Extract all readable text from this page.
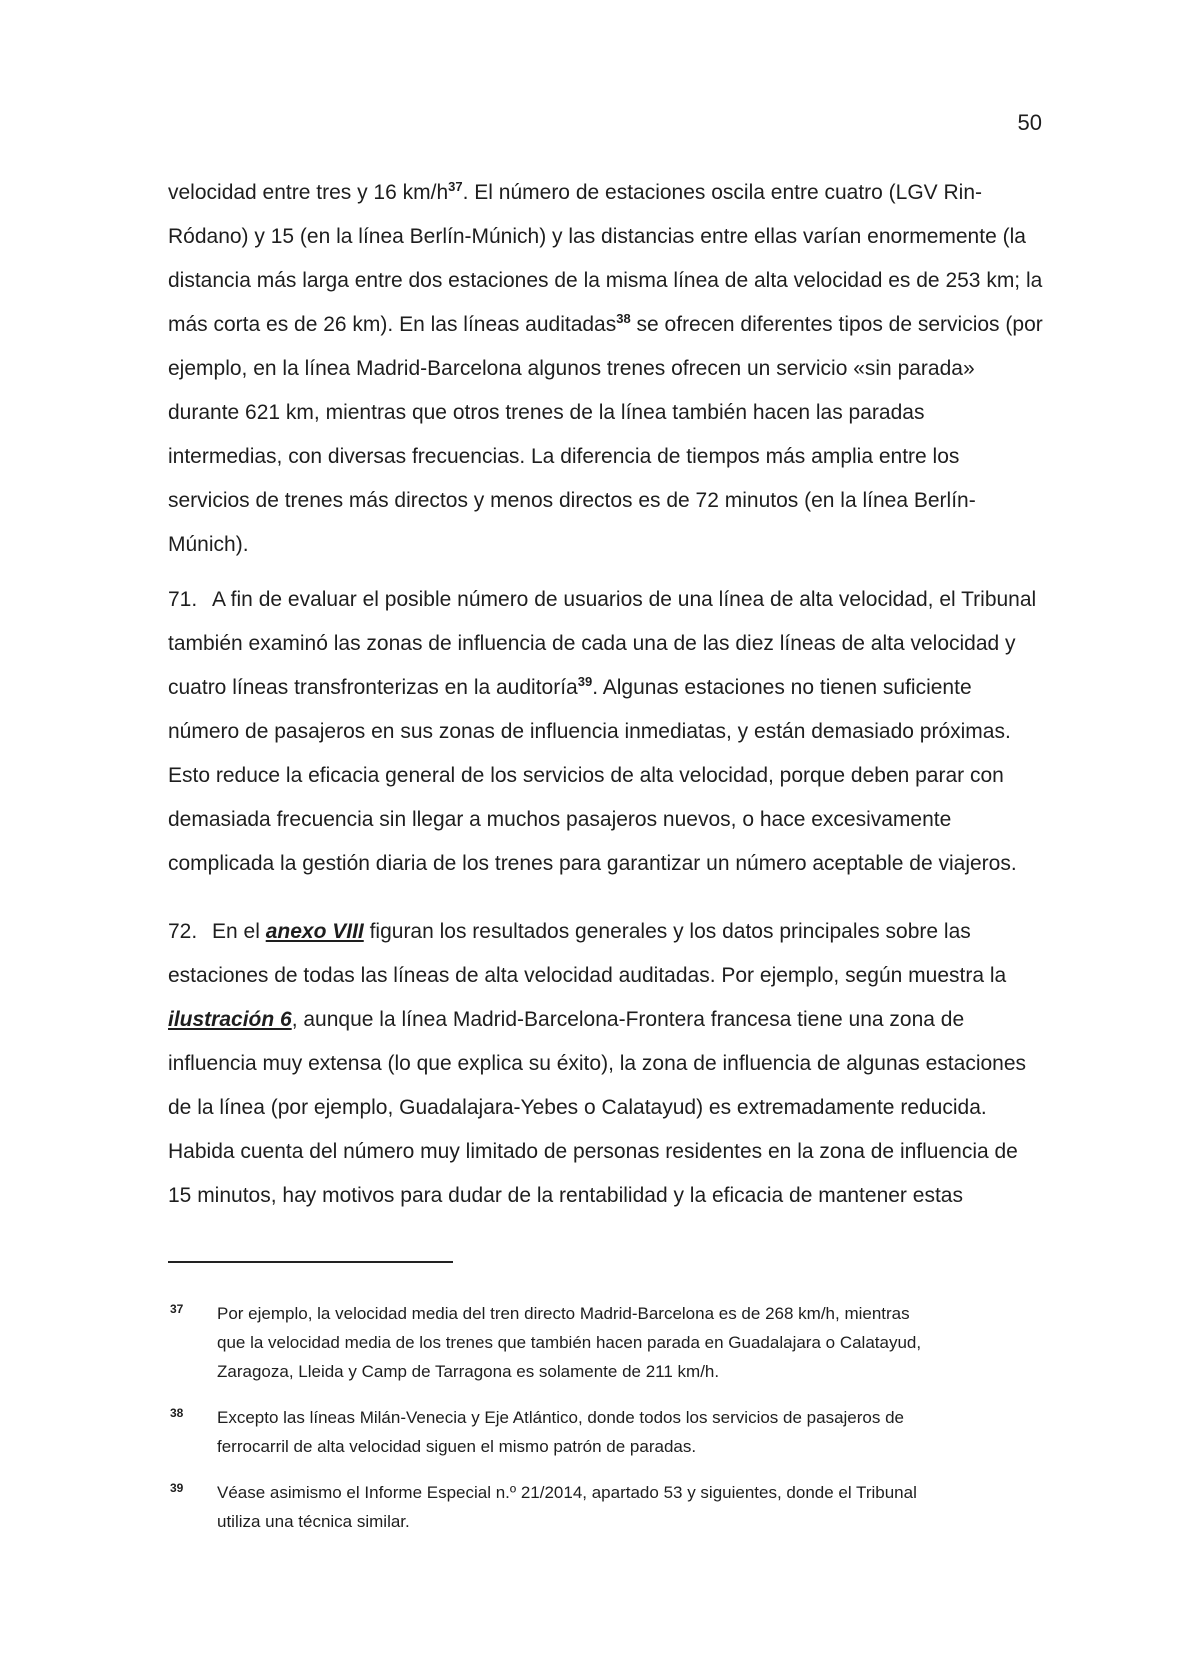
50
velocidad entre tres y 16 km/h$^{37}$. El número de estaciones oscila entre cuatro (LGV Rin-
Ródano) y 15 (en la línea Berlín-Múnich) y las distancias entre ellas varían enormemente (la
distancia más larga entre dos estaciones de la misma línea de alta velocidad es de 253 km; la
más corta es de 26 km). En las líneas auditadas$^{38}$ se ofrecen diferentes tipos de servicios (por
ejemplo, en la línea Madrid-Barcelona algunos trenes ofrecen un servicio «sin parada»
durante 621 km, mientras que otros trenes de la línea también hacen las paradas
intermedias, con diversas frecuencias. La diferencia de tiempos más amplia entre los
servicios de trenes más directos y menos directos es de 72 minutos (en la línea Berlín-
Múnich).
71. A fin de evaluar el posible número de usuarios de una línea de alta velocidad, el Tribunal
también examinó las zonas de influencia de cada una de las diez líneas de alta velocidad y
cuatro líneas transfronterizas en la auditoría$^{39}$. Algunas estaciones no tienen suficiente
número de pasajeros en sus zonas de influencia inmediatas, y están demasiado próximas.
Esto reduce la eficacia general de los servicios de alta velocidad, porque deben parar con
demasiada frecuencia sin llegar a muchos pasajeros nuevos, o hace excesivamente
complicada la gestión diaria de los trenes para garantizar un número aceptable de viajeros.
72. En el anexo VIII figuran los resultados generales y los datos principales sobre las
estaciones de todas las líneas de alta velocidad auditadas. Por ejemplo, según muestra la
ilustración 6, aunque la línea Madrid-Barcelona-Frontera francesa tiene una zona de
influencia muy extensa (lo que explica su éxito), la zona de influencia de algunas estaciones
de la línea (por ejemplo, Guadalajara-Yebes o Calatayud) es extremadamente reducida.
Habida cuenta del número muy limitado de personas residentes en la zona de influencia de
15 minutos, hay motivos para dudar de la rentabilidad y la eficacia de mantener estas
37	Por ejemplo, la velocidad media del tren directo Madrid-Barcelona es de 268 km/h, mientras
que la velocidad media de los trenes que también hacen parada en Guadalajara o Calatayud,
Zaragoza, Lleida y Camp de Tarragona es solamente de 211 km/h.
38	Excepto las líneas Milán-Venecia y Eje Atlántico, donde todos los servicios de pasajeros de
ferrocarril de alta velocidad siguen el mismo patrón de paradas.
39	Véase asimismo el Informe Especial n.º 21/2014, apartado 53 y siguientes, donde el Tribunal
utiliza una técnica similar.
